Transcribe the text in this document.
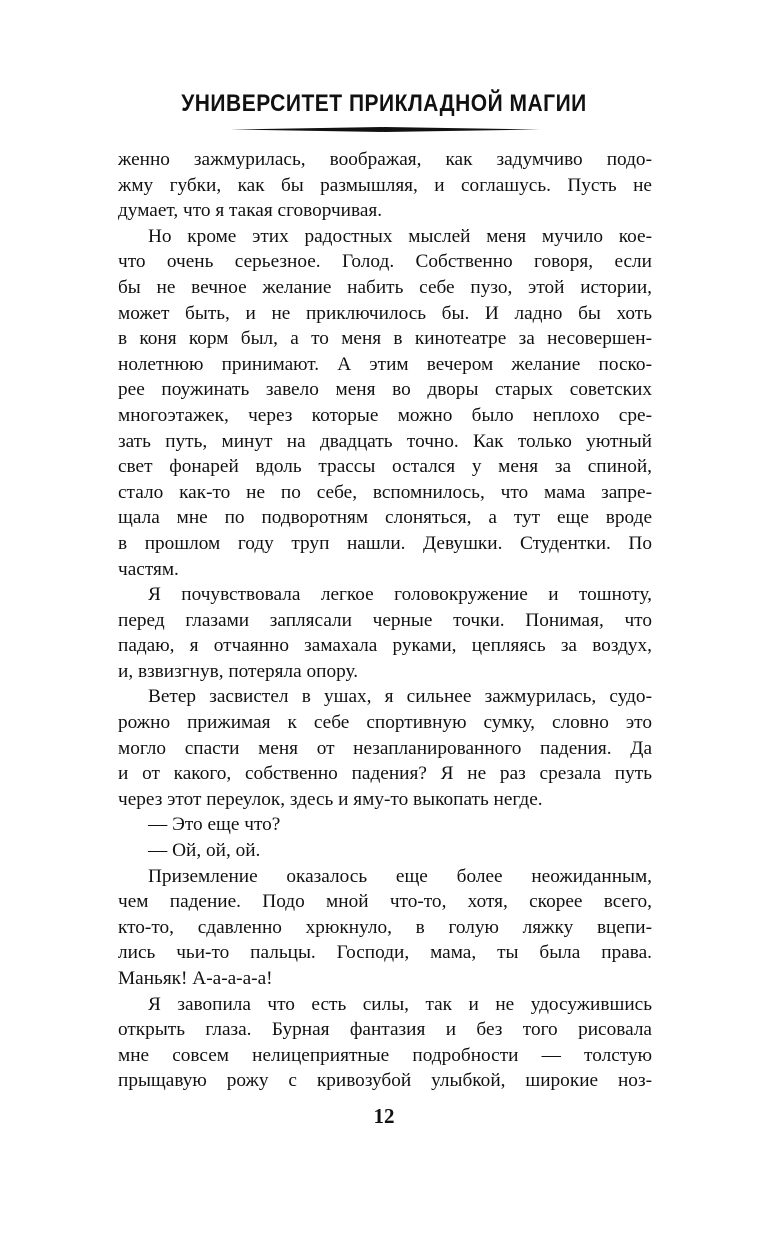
УНИВЕРСИТЕТ ПРИКЛАДНОЙ МАГИИ
женно зажмурилась, воображая, как задумчиво подо-
жму губки, как бы размышляя, и соглашусь. Пусть не
думает, что я такая сговорчивая.
Но кроме этих радостных мыслей меня мучило кое-
что очень серьезное. Голод. Собственно говоря, если
бы не вечное желание набить себе пузо, этой истории,
может быть, и не приключилось бы. И ладно бы хоть
в коня корм был, а то меня в кинотеатре за несовершен-
нолетнюю принимают. А этим вечером желание поско-
рее поужинать завело меня во дворы старых советских
многоэтажек, через которые можно было неплохо сре-
зать путь, минут на двадцать точно. Как только уютный
свет фонарей вдоль трассы остался у меня за спиной,
стало как-то не по себе, вспомнилось, что мама запре-
щала мне по подворотням слоняться, а тут еще вроде
в прошлом году труп нашли. Девушки. Студентки. По
частям.
Я почувствовала легкое головокружение и тошноту,
перед глазами заплясали черные точки. Понимая, что
падаю, я отчаянно замахала руками, цепляясь за воздух,
и, взвизгнув, потеряла опору.
Ветер засвистел в ушах, я сильнее зажмурилась, судо-
рожно прижимая к себе спортивную сумку, словно это
могло спасти меня от незапланированного падения. Да
и от какого, собственно падения? Я не раз срезала путь
через этот переулок, здесь и яму-то выкопать негде.
— Это еще что?
— Ой, ой, ой.
Приземление оказалось еще более неожиданным,
чем падение. Подо мной что-то, хотя, скорее всего,
кто-то, сдавленно хрюкнуло, в голую ляжку вцепи-
лись чьи-то пальцы. Господи, мама, ты была права.
Маньяк! А-а-а-а-а!
Я завопила что есть силы, так и не удосужившись
открыть глаза. Бурная фантазия и без того рисовала
мне совсем нелицеприятные подробности — толстую
прыщавую рожу с кривозубой улыбкой, широкие ноз-
12
